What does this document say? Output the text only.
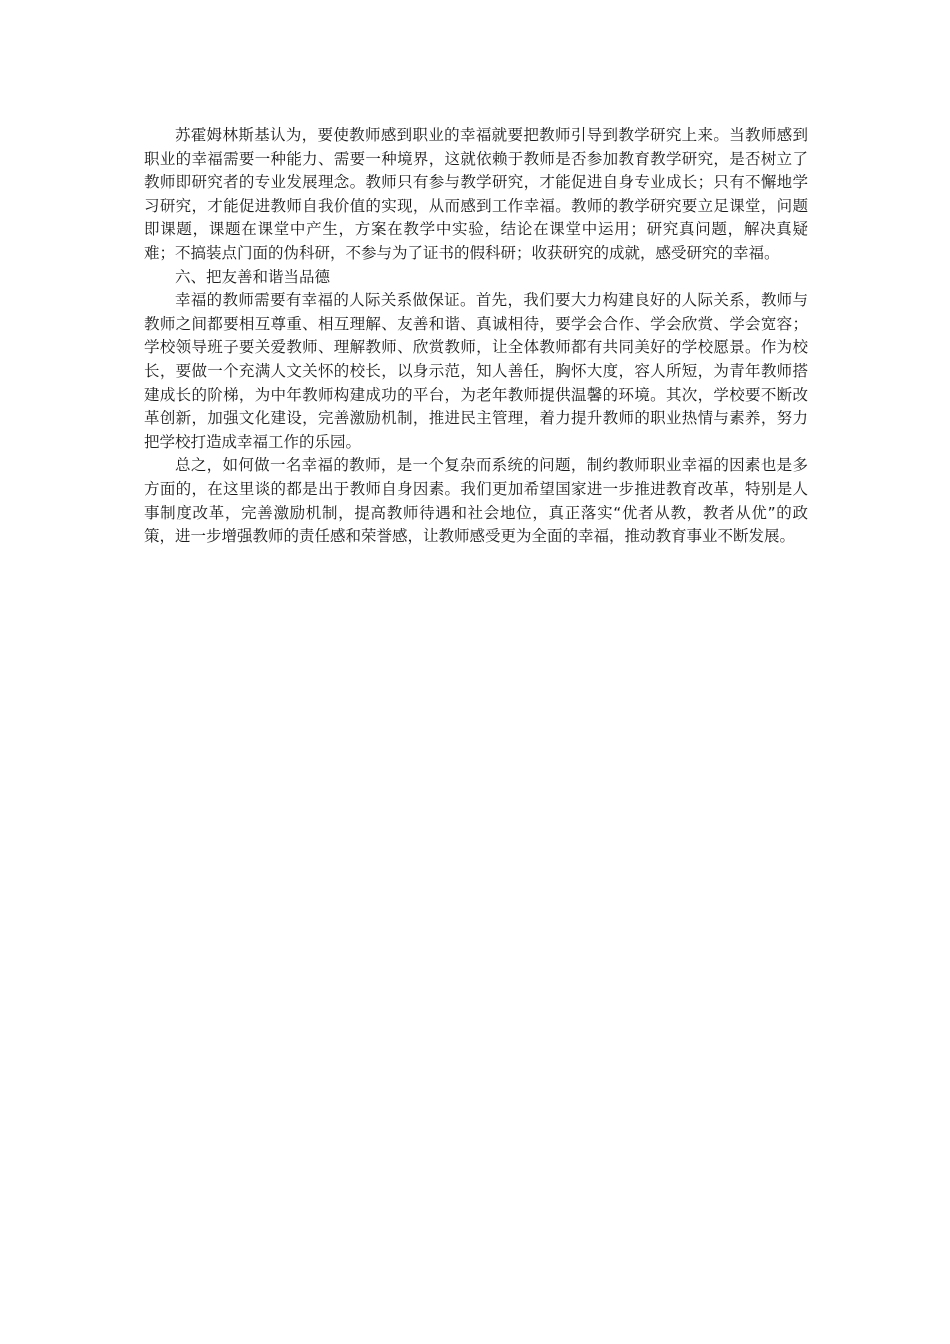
苏霍姆林斯基认为，要使教师感到职业的幸福就要把教师引导到教学研究上来。当教师感到职业的幸福需要一种能力、需要一种境界，这就依赖于教师是否参加教育教学研究，是否树立了教师即研究者的专业发展理念。教师只有参与教学研究，才能促进自身专业成长；只有不懈地学习研究，才能促进教师自我价值的实现，从而感到工作幸福。教师的教学研究要立足课堂，问题即课题，课题在课堂中产生，方案在教学中实验，结论在课堂中运用；研究真问题，解决真疑难；不搞装点门面的伪科研，不参与为了证书的假科研；收获研究的成就，感受研究的幸福。

六、把友善和谐当品德

幸福的教师需要有幸福的人际关系做保证。首先，我们要大力构建良好的人际关系，教师与教师之间都要相互尊重、相互理解、友善和谐、真诚相待，要学会合作、学会欣赏、学会宽容；学校领导班子要关爱教师、理解教师、欣赏教师，让全体教师都有共同美好的学校愿景。作为校长，要做一个充满人文关怀的校长，以身示范，知人善任，胸怀大度，容人所短，为青年教师搭建成长的阶梯，为中年教师构建成功的平台，为老年教师提供温馨的环境。其次，学校要不断改革创新，加强文化建设，完善激励机制，推进民主管理，着力提升教师的职业热情与素养，努力把学校打造成幸福工作的乐园。

总之，如何做一名幸福的教师，是一个复杂而系统的问题，制约教师职业幸福的因素也是多方面的，在这里谈的都是出于教师自身因素。我们更加希望国家进一步推进教育改革，特别是人事制度改革，完善激励机制，提高教师待遇和社会地位，真正落实“优者从教，教者从优”的政策，进一步增强教师的责任感和荣誉感，让教师感受更为全面的幸福，推动教育事业不断发展。
